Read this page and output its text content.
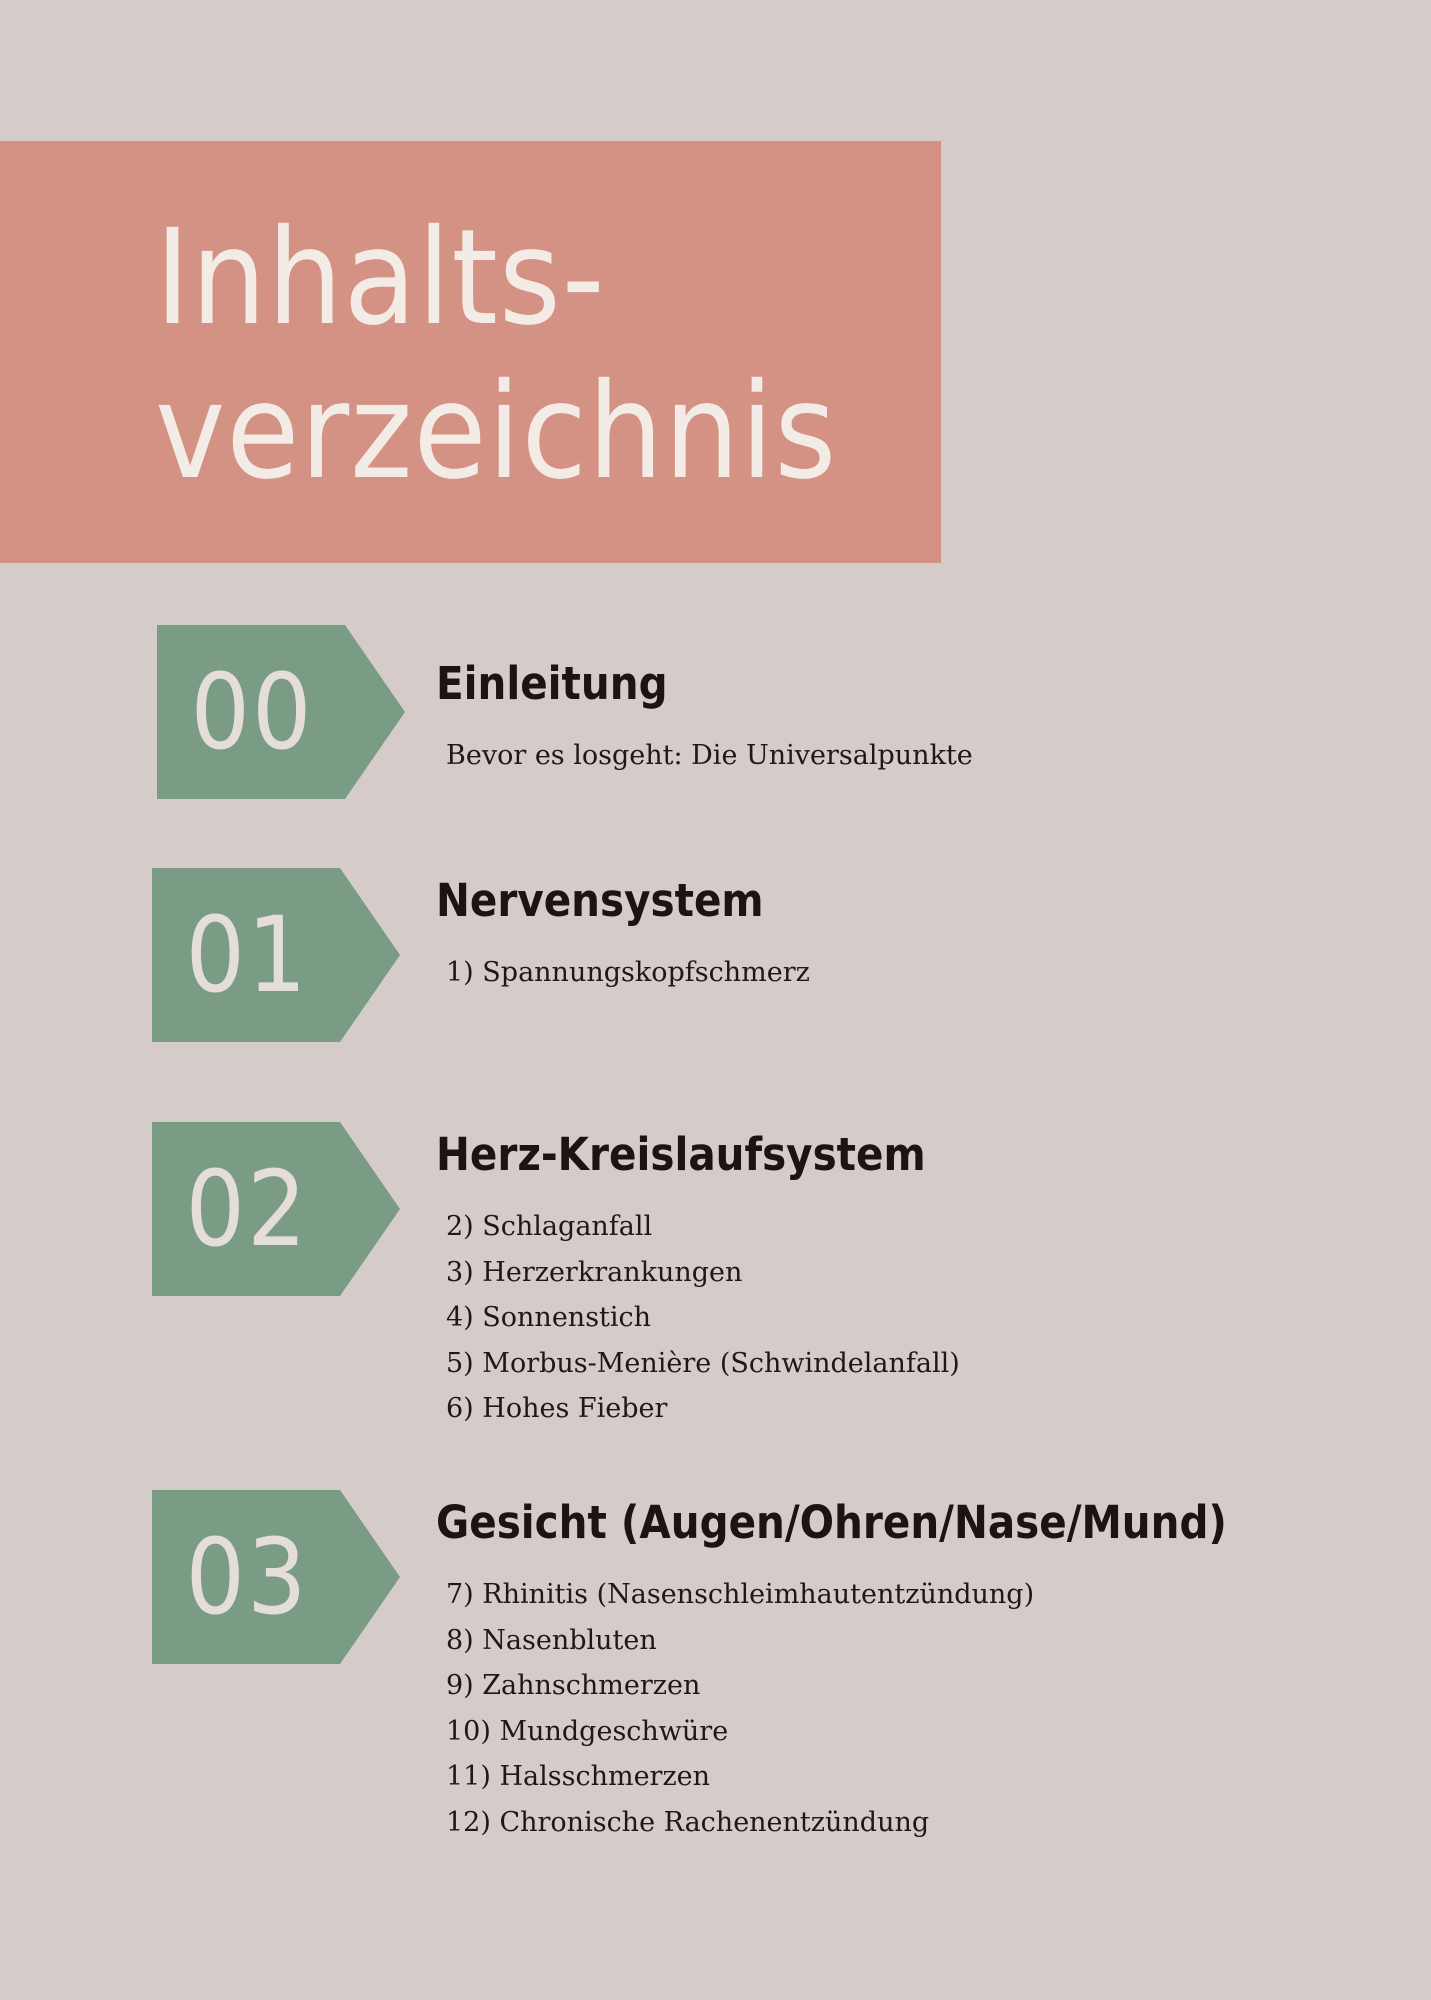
Inhalts-
verzeichnis
00	Einleitung
Bevor es losgeht: Die Universalpunkte
01	Nervensystem
1) Spannungskopfschmerz
02	Herz-Kreislaufsystem
2) Schlaganfall
3) Herzerkrankungen
4) Sonnenstich
5) Morbus-Menière (Schwindelanfall)
6) Hohes Fieber
03	Gesicht (Augen/Ohren/Nase/Mund)
7) Rhinitis (Nasenschleimhautentzündung)
8) Nasenbluten
9) Zahnschmerzen
10) Mundgeschwüre
11) Halsschmerzen
12) Chronische Rachenentzündung
